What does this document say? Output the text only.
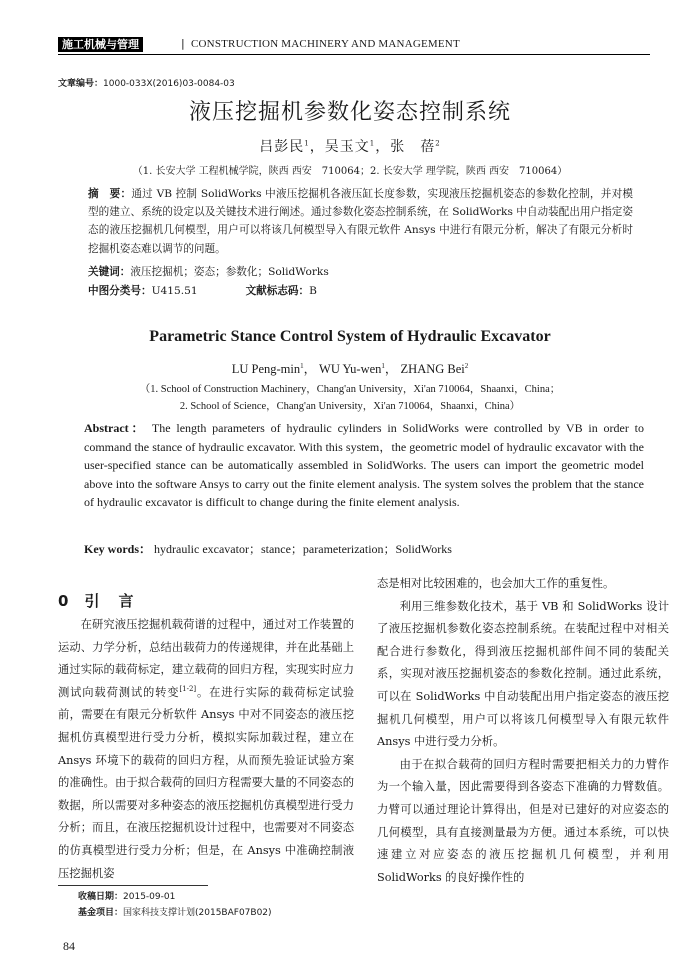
施工机械与管理	| CONSTRUCTION MACHINERY AND MANAGEMENT
文章编号：1000-033X(2016)03-0084-03
液压挖掘机参数化姿态控制系统
吕彭民$^1$，吴玉文$^1$，张　蓓$^2$
（1. 长安大学 工程机械学院，陕西 西安　710064；2. 长安大学 理学院，陕西 西安　710064）
摘　要：通过 VB 控制 SolidWorks 中液压挖掘机各液压缸长度参数，实现液压挖掘机姿态的参数化控制，并对模型的建立、系统的设定以及关键技术进行阐述。通过参数化姿态控制系统，在 SolidWorks 中自动装配出用户指定姿态的液压挖掘机几何模型，用户可以将该几何模型导入有限元软件 Ansys 中进行有限元分析，解决了有限元分析时挖掘机姿态难以调节的问题。
关键词：液压挖掘机；姿态；参数化；SolidWorks
中图分类号：U415.51	文献标志码：B
Parametric Stance Control System of Hydraulic Excavator
LU Peng-$\min^1$， WU Yu-wen$^1$， ZHANG Bei$^2$
（1. School of Construction Machinery，Chang'an University，Xi'an 710064，Shaanxi，China；
2. School of Science，Chang'an University，Xi'an 710064，Shaanxi，China）
Abstract： The length parameters of hydraulic cylinders in SolidWorks were controlled by VB in order to command the stance of hydraulic excavator. With this system，the geometric model of hydraulic excavator with the user-specified stance can be automatically assembled in SolidWorks. The users can import the geometric model above into the software Ansys to carry out the finite element analysis. The system solves the problem that the stance of hydraulic excavator is difficult to change during the finite element analysis.
Key words： hydraulic excavator；stance；parameterization；SolidWorks
0 引　言

在研究液压挖掘机载荷谱的过程中，通过对工作装置的运动、力学分析，总结出载荷力的传递规律，并在此基础上通过实际的载荷标定，建立载荷的回归方程，实现实时应力测试向载荷测试的转变[1-2]。在进行实际的载荷标定试验前，需要在有限元分析软件 Ansys 中对不同姿态的液压挖掘机仿真模型进行受力分析，模拟实际加载过程，建立在 Ansys 环境下的载荷的回归方程，从而预先验证试验方案的准确性。由于拟合载荷的回归方程需要大量的不同姿态的数据，所以需要对多种姿态的液压挖掘机仿真模型进行受力分析；而且，在液压挖掘机设计过程中，也需要对不同姿态的仿真模型进行受力分析；但是，在 Ansys 中准确控制液压挖掘机姿

态是相对比较困难的，也会加大工作的重复性。

利用三维参数化技术，基于 VB 和 SolidWorks 设计了液压挖掘机参数化姿态控制系统。在装配过程中对相关配合进行参数化，得到液压挖掘机部件间不同的装配关系，实现对液压挖掘机姿态的参数化控制。通过此系统，可以在 SolidWorks 中自动装配出用户指定姿态的液压挖掘机几何模型，用户可以将该几何模型导入有限元软件 Ansys 中进行受力分析。

由于在拟合载荷的回归方程时需要把相关力的力臂作为一个输入量，因此需要得到各姿态下准确的力臂数值。力臂可以通过理论计算得出，但是对已建好的对应姿态的几何模型，具有直接测量最为方便。通过本系统，可以快速建立对应姿态的液压挖掘机几何模型，并利用 SolidWorks 的良好操作性的

收稿日期：2015-09-01
基金项目：国家科技支撑计划(2015BAF07B02)
84
